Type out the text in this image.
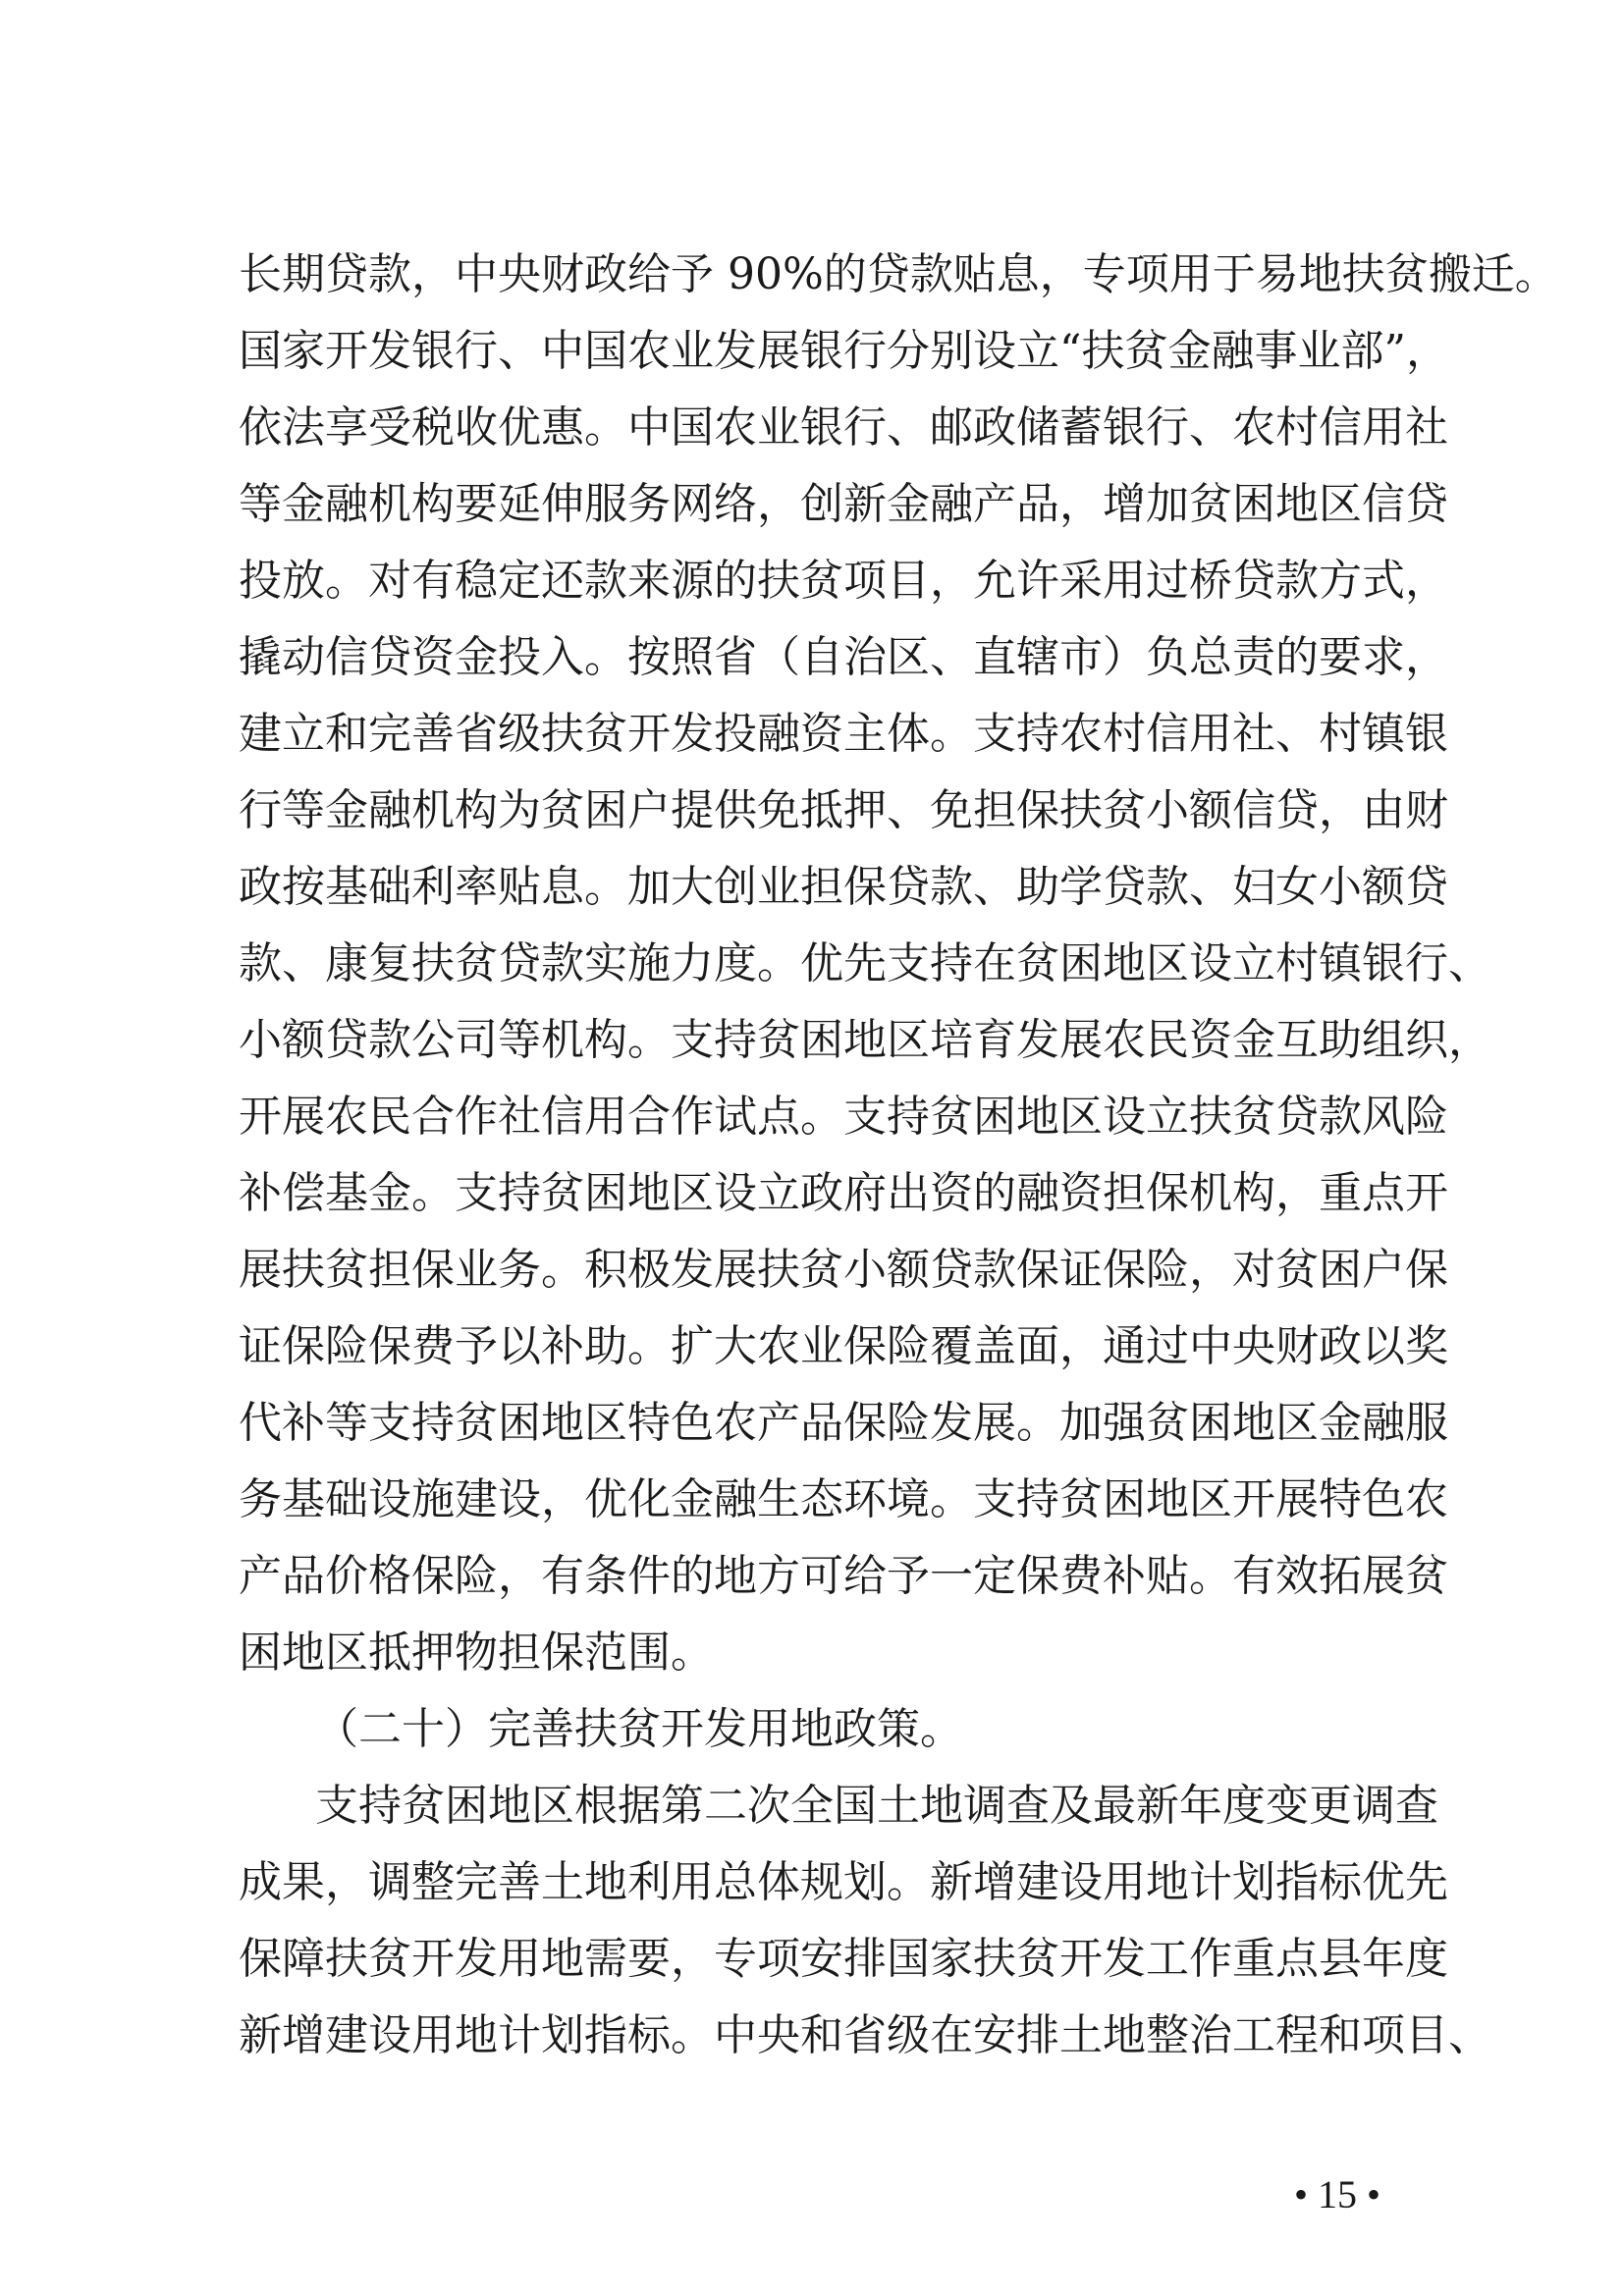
长期贷款，中央财政给予 90%的贷款贴息，专项用于易地扶贫搬迁。
国家开发银行、中国农业发展银行分别设立“扶贫金融事业部”，
依法享受税收优惠。中国农业银行、邮政储蓄银行、农村信用社
等金融机构要延伸服务网络，创新金融产品，增加贫困地区信贷
投放。对有稳定还款来源的扶贫项目，允许采用过桥贷款方式，
撬动信贷资金投入。按照省（自治区、直辖市）负总责的要求，
建立和完善省级扶贫开发投融资主体。支持农村信用社、村镇银
行等金融机构为贫困户提供免抵押、免担保扶贫小额信贷，由财
政按基础利率贴息。加大创业担保贷款、助学贷款、妇女小额贷
款、康复扶贫贷款实施力度。优先支持在贫困地区设立村镇银行、
小额贷款公司等机构。支持贫困地区培育发展农民资金互助组织，
开展农民合作社信用合作试点。支持贫困地区设立扶贫贷款风险
补偿基金。支持贫困地区设立政府出资的融资担保机构，重点开
展扶贫担保业务。积极发展扶贫小额贷款保证保险，对贫困户保
证保险保费予以补助。扩大农业保险覆盖面，通过中央财政以奖
代补等支持贫困地区特色农产品保险发展。加强贫困地区金融服
务基础设施建设，优化金融生态环境。支持贫困地区开展特色农
产品价格保险，有条件的地方可给予一定保费补贴。有效拓展贫
困地区抵押物担保范围。
（二十）完善扶贫开发用地政策。
支持贫困地区根据第二次全国土地调查及最新年度变更调查
成果，调整完善土地利用总体规划。新增建设用地计划指标优先
保障扶贫开发用地需要，专项安排国家扶贫开发工作重点县年度
新增建设用地计划指标。中央和省级在安排土地整治工程和项目、
• 15 •
